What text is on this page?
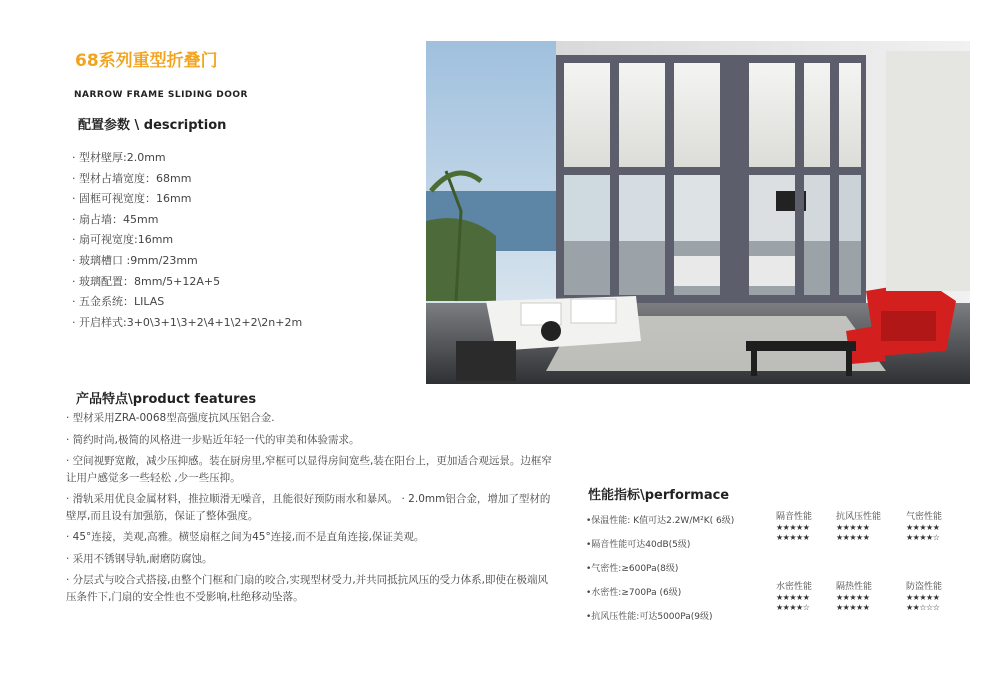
68系列重型折叠门
NARROW FRAME SLIDING DOOR
配置参数 \ description
· 型材壁厚:2.0mm
· 型材占墙宽度：68mm
· 固框可视宽度：16mm
· 扇占墙：45mm
· 扇可视宽度:16mm
· 玻璃槽口 :9mm/23mm
· 玻璃配置：8mm/5+12A+5
· 五金系统：LILAS
· 开启样式:3+0\3+1\3+2\4+1\2+2\2n+2m
产品特点\product features
· 型材采用ZRA-0068型高强度抗风压铝合金.
· 简约时尚,极简的风格进一步贴近年轻一代的审美和体验需求。
· 空间视野宽敞，减少压抑感。装在厨房里,窄框可以显得房间宽些,装在阳台上，更加适合观远景。边框窄让用户感觉多一些轻松 ,少一些压抑。
· 滑轨采用优良金属材料，推拉顺滑无噪音，且能很好预防雨水和暴风。 · 2.0mm铝合金，增加了型材的壁厚,而且设有加强筋，保证了整体强度。
· 45°连接，美观,高雅。横竖扇框之间为45°连接,而不是直角连接,保证美观。
· 采用不锈钢导轨,耐磨防腐蚀。
· 分层式与咬合式搭接,由整个门框和门扇的咬合,实现型材受力,并共同抵抗风压的受力体系,即使在极端风压条件下,门扇的安全性也不受影响,杜绝移动坠落。
性能指标\performace
•保温性能: K值可达2.2W/M²K( 6级)	隔音性能
★★★★★
★★★★★
抗风压性能
★★★★★
★★★★★
气密性能
★★★★★
★★★★☆
•隔音性能可达40dB(5级)
•气密性:≥600Pa(8级)
•水密性:≥700Pa (6级)
水密性能
★★★★★
★★★★☆
隔热性能
★★★★★
★★★★★
防盗性能
★★★★★
★★☆☆☆
•抗风压性能:可达5000Pa(9级)
